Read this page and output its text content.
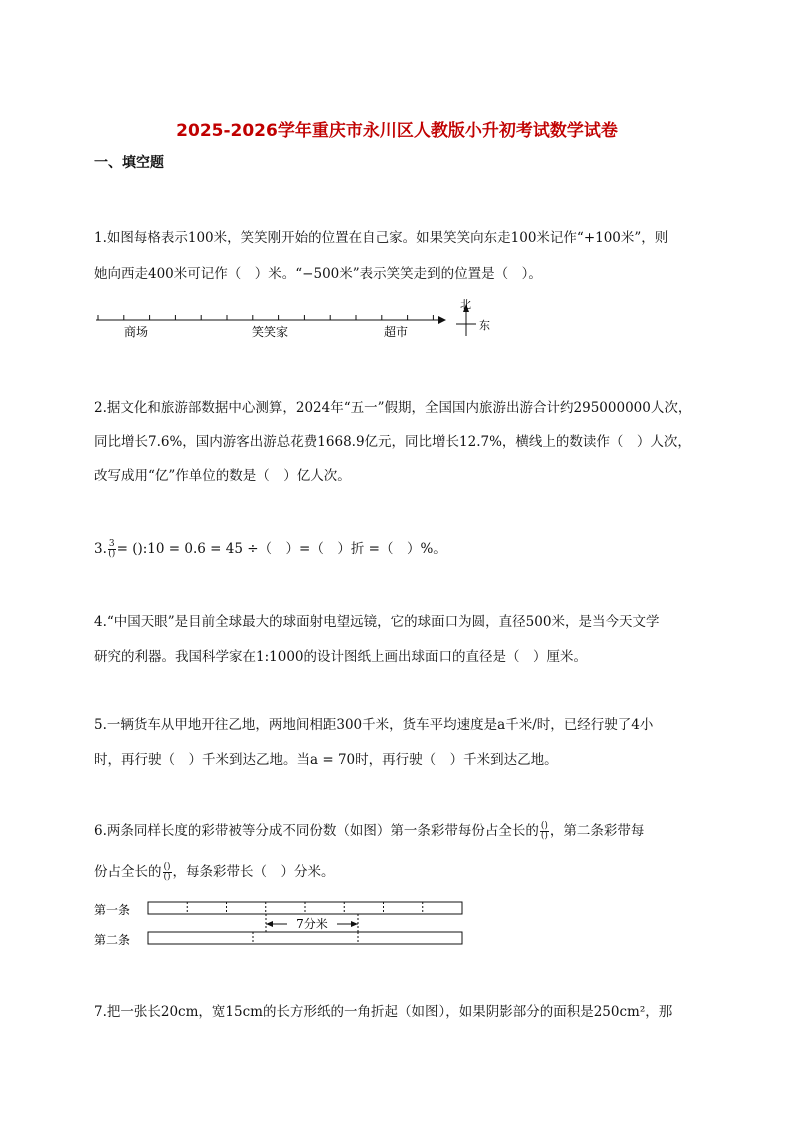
2025-2026学年重庆市永川区人教版小升初考试数学试卷
一、填空题
1.如图每格表示100米，笑笑刚开始的位置在自己家。如果笑笑向东走100米记作“+100米”，则
她向西走400米可记作（　）米。“−500米”表示笑笑走到的位置是（　）。
商场	笑笑家	超市
北
东
2.据文化和旅游部数据中心测算，2024年“五一”假期，全国国内旅游出游合计约295000000人次，
同比增长7.6%，国内游客出游总花费1668.9亿元，同比增长12.7%，横线上的数读作（　）人次，
改写成用“亿”作单位的数是（　）亿人次。
3. $\frac{3}{()}$ = ():10 = 0.6 = 45 ÷（　）=（　）折 =（　）%。
4.“中国天眼”是目前全球最大的球面射电望远镜，它的球面口为圆，直径500米，是当今天文学
研究的利器。我国科学家在1:1000的设计图纸上画出球面口的直径是（　）厘米。
5.一辆货车从甲地开往乙地，两地间相距300千米，货车平均速度是a千米/时，已经行驶了4小
时，再行驶（　）千米到达乙地。当a = 70时，再行驶（　）千米到达乙地。
6.两条同样长度的彩带被等分成不同份数（如图）第一条彩带每份占全长的 $\frac{()}{()}$ ，第二条彩带每
份占全长的 $\frac{()}{()}$ ，每条彩带长（　）分米。
第一条
第二条
7分米
7.把一张长20cm，宽15cm的长方形纸的一角折起（如图），如果阴影部分的面积是250cm²，那
